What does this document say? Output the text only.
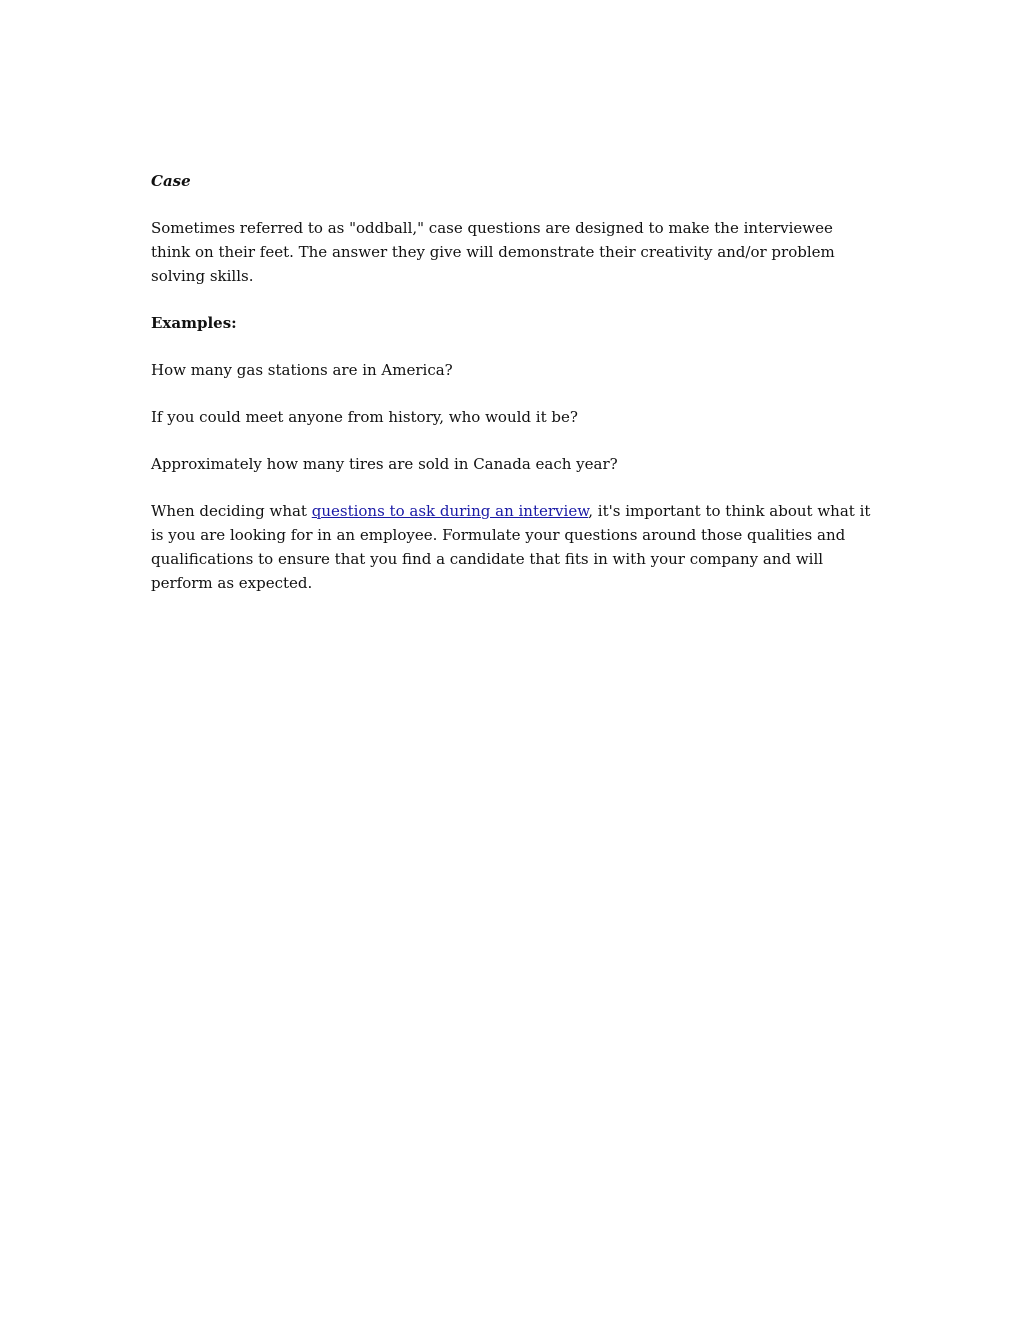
Case

Sometimes referred to as "oddball," case questions are designed to make the interviewee think on their feet. The answer they give will demonstrate their creativity and/or problem solving skills.

Examples:

How many gas stations are in America?

If you could meet anyone from history, who would it be?

Approximately how many tires are sold in Canada each year?

When deciding what questions to ask during an interview, it's important to think about what it is you are looking for in an employee. Formulate your questions around those qualities and qualifications to ensure that you find a candidate that fits in with your company and will perform as expected.
